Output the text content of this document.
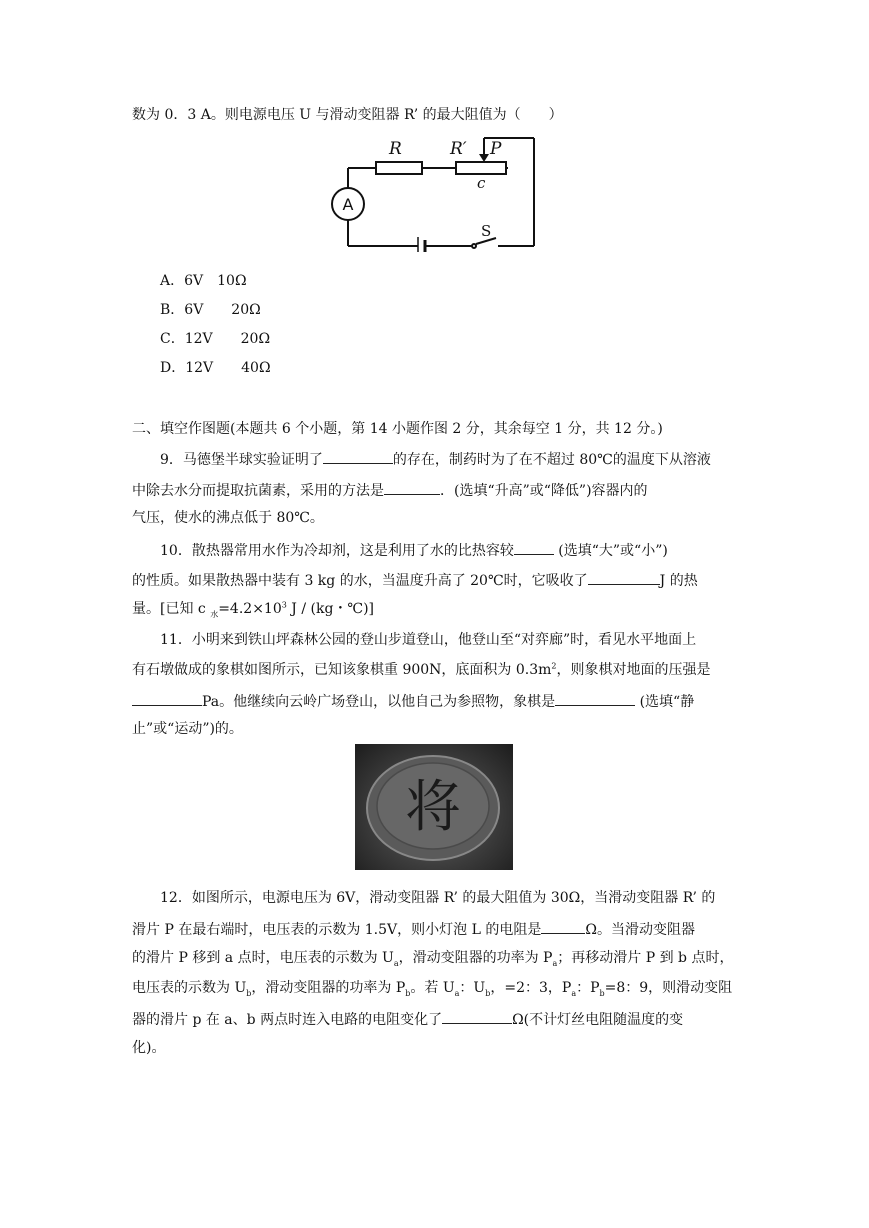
数为 0．3 A。则电源电压 U 与滑动变阻器 R’ 的最大阻值为（　　）
R	R′ P
c
S
A
A．6V　10Ω
B．6V　　20Ω
C．12V　　20Ω
D．12V　　40Ω
二、填空作图题(本题共 6 个小题，第 14 小题作图 2 分，其余每空 1 分，共 12 分。)
　　9．马德堡半球实验证明了	的存在，制药时为了在不超过 80℃的温度下从溶液
中除去水分而提取抗菌素，采用的方法是	．(选填“升高”或“降低”)容器内的
气压，使水的沸点低于 80℃。
　　10．散热器常用水作为冷却剂，这是利用了水的比热容较	(选填“大”或“小”)
的性质。如果散热器中装有 3 kg 的水，当温度升高了 20℃时，它吸收了	J 的热
量。[已知 c $_水=4.2\times 10^3$ J / (kg・℃)]
　　11．小明来到铁山坪森林公园的登山步道登山，他登山至“对弈廊”时，看见水平地面上
有石墩做成的象棋如图所示，已知该象棋重 900N，底面积为 $0.3m^2$，则象棋对地面的压强是
Pa。他继续向云岭广场登山，以他自己为参照物，象棋是	(选填“静
止”或“运动”)的。
将
　　12．如图所示，电源电压为 6V，滑动变阻器 R’ 的最大阻值为 30Ω，当滑动变阻器 R’ 的
滑片 P 在最右端时，电压表的示数为 1.5V，则小灯泡 L 的电阻是	Ω。当滑动变阻器
的滑片 P 移到 a 点时，电压表的示数为 $U_a$，滑动变阻器的功率为 $P_a$；再移动滑片 P 到 b 点时，
电压表的示数为 $U_b$，滑动变阻器的功率为 $P_b$。若 $U_a$：$U_b$，=2：3，$P_a$：$P_b=8$：9，则滑动变阻
器的滑片 p 在 a、b 两点时连入电路的电阻变化了	Ω(不计灯丝电阻随温度的变
化)。
